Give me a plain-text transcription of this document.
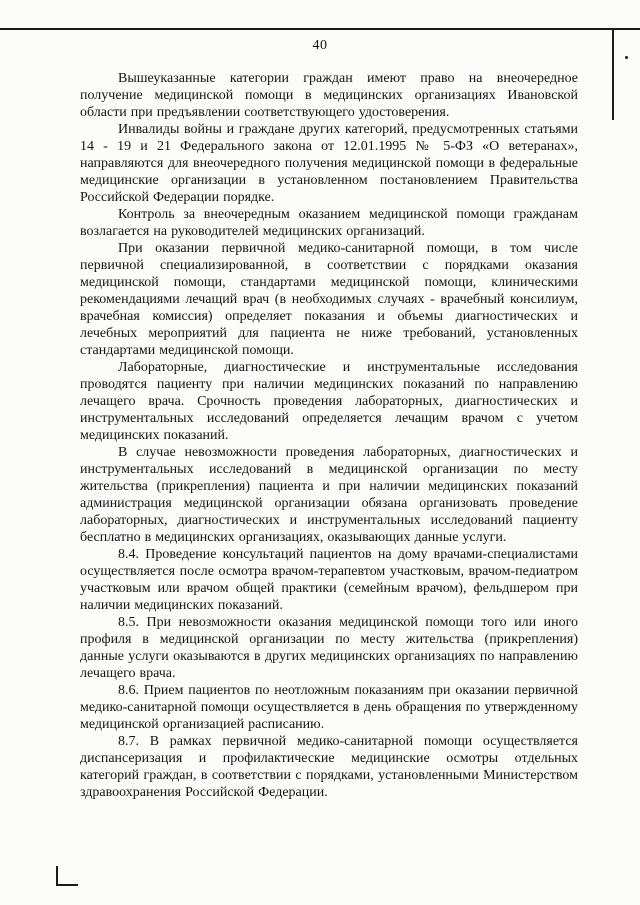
40

Вышеуказанные категории граждан имеют право на внеочередное получение медицинской помощи в медицинских организациях Ивановской области при предъявлении соответствующего удостоверения.

Инвалиды войны и граждане других категорий, предусмотренных статьями 14 - 19 и 21 Федерального закона от 12.01.1995 № 5-ФЗ «О ветеранах», направляются для внеочередного получения медицинской помощи в федеральные медицинские организации в установленном постановлением Правительства Российской Федерации порядке.

Контроль за внеочередным оказанием медицинской помощи гражданам возлагается на руководителей медицинских организаций.

При оказании первичной медико-санитарной помощи, в том числе первичной специализированной, в соответствии с порядками оказания медицинской помощи, стандартами медицинской помощи, клиническими рекомендациями лечащий врач (в необходимых случаях - врачебный консилиум, врачебная комиссия) определяет показания и объемы диагностических и лечебных мероприятий для пациента не ниже требований, установленных стандартами медицинской помощи.

Лабораторные, диагностические и инструментальные исследования проводятся пациенту при наличии медицинских показаний по направлению лечащего врача. Срочность проведения лабораторных, диагностических и инструментальных исследований определяется лечащим врачом с учетом медицинских показаний.

В случае невозможности проведения лабораторных, диагностических и инструментальных исследований в медицинской организации по месту жительства (прикрепления) пациента и при наличии медицинских показаний администрация медицинской организации обязана организовать проведение лабораторных, диагностических и инструментальных исследований пациенту бесплатно в медицинских организациях, оказывающих данные услуги.

8.4. Проведение консультаций пациентов на дому врачами-специалистами осуществляется после осмотра врачом-терапевтом участковым, врачом-педиатром участковым или врачом общей практики (семейным врачом), фельдшером при наличии медицинских показаний.

8.5. При невозможности оказания медицинской помощи того или иного профиля в медицинской организации по месту жительства (прикрепления) данные услуги оказываются в других медицинских организациях по направлению лечащего врача.

8.6. Прием пациентов по неотложным показаниям при оказании первичной медико-санитарной помощи осуществляется в день обращения по утвержденному медицинской организацией расписанию.

8.7. В рамках первичной медико-санитарной помощи осуществляется диспансеризация и профилактические медицинские осмотры отдельных категорий граждан, в соответствии с порядками, установленными Министерством здравоохранения Российской Федерации.
